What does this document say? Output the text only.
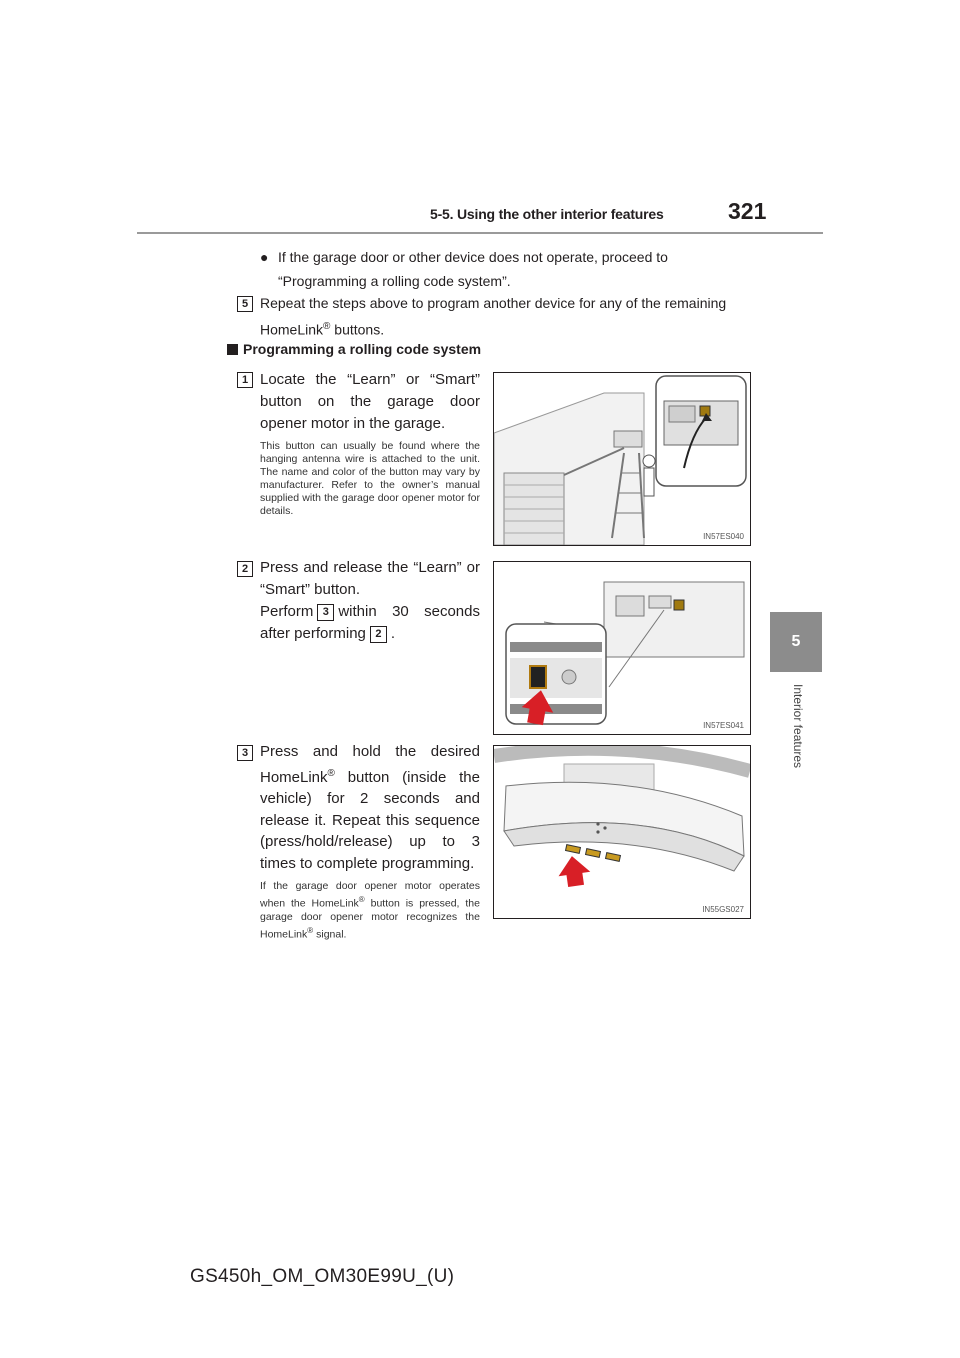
5-5. Using the other interior features	321
5
Interior features
● If the garage door or other device does not operate, proceed to “Programming a rolling code system”.
5 Repeat the steps above to program another device for any of the remaining HomeLink® buttons.
Programming a rolling code system
1 Locate the “Learn” or “Smart” button on the garage door opener motor in the garage.
This button can usually be found where the hanging antenna wire is attached to the unit. The name and color of the button may vary by manufacturer. Refer to the owner’s manual supplied with the garage door opener motor for details.
IN57ES040
2 Press and release the “Learn” or “Smart” button.
Perform 3 within 30 seconds after performing 2 .
IN57ES041
3 Press and hold the desired HomeLink® button (inside the vehicle) for 2 seconds and release it. Repeat this sequence (press/hold/release) up to 3 times to complete programming.
If the garage door opener motor operates when the HomeLink® button is pressed, the garage door opener motor recognizes the HomeLink® signal.
IN55GS027
GS450h_OM_OM30E99U_(U)
